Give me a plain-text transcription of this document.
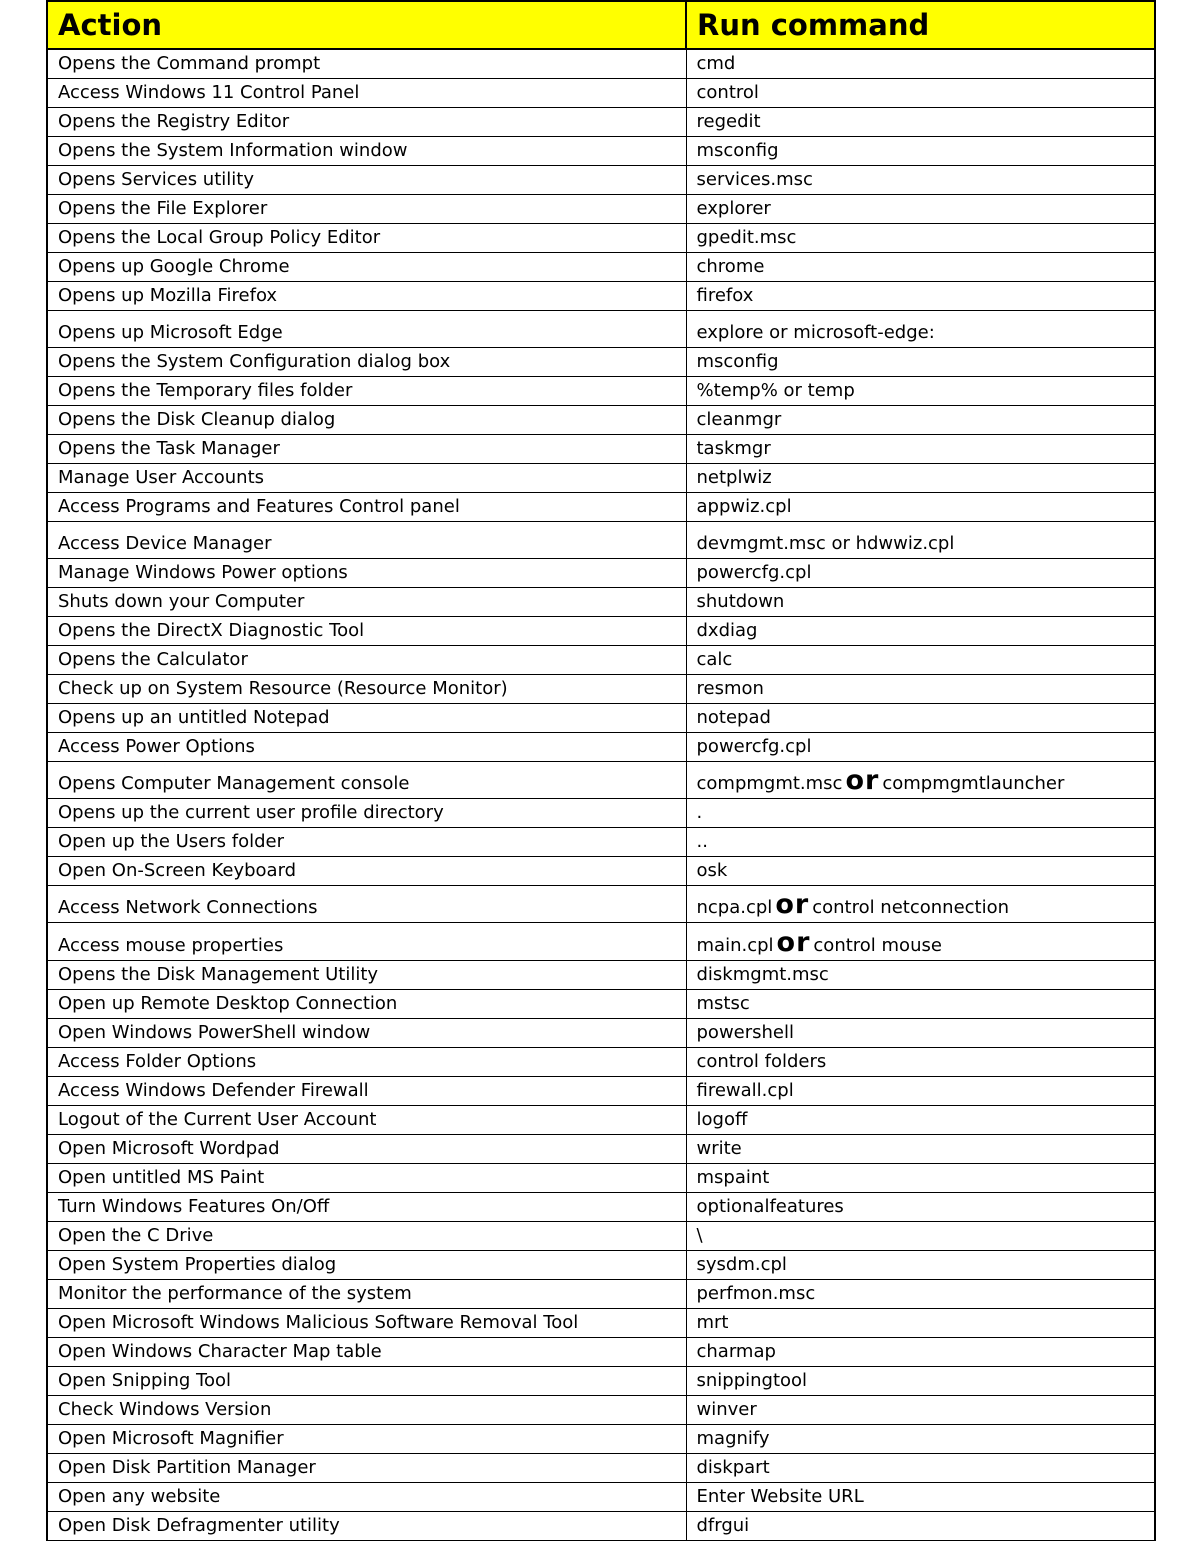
Action	Run command
Opens the Command prompt	cmd
Access Windows 11 Control Panel	control
Opens the Registry Editor	regedit
Opens the System Information window	msconfig
Opens Services utility	services.msc
Opens the File Explorer	explorer
Opens the Local Group Policy Editor	gpedit.msc
Opens up Google Chrome	chrome
Opens up Mozilla Firefox	firefox
Opens up Microsoft Edge	explore or microsoft-edge:
Opens the System Configuration dialog box	msconfig
Opens the Temporary files folder	%temp% or temp
Opens the Disk Cleanup dialog	cleanmgr
Opens the Task Manager	taskmgr
Manage User Accounts	netplwiz
Access Programs and Features Control panel	appwiz.cpl
Access Device Manager	devmgmt.msc or hdwwiz.cpl
Manage Windows Power options	powercfg.cpl
Shuts down your Computer	shutdown
Opens the DirectX Diagnostic Tool	dxdiag
Opens the Calculator	calc
Check up on System Resource (Resource Monitor)	resmon
Opens up an untitled Notepad	notepad
Access Power Options	powercfg.cpl
Opens Computer Management console	compmgmt.msc or compmgmtlauncher
Opens up the current user profile directory	.
Open up the Users folder	..
Open On-Screen Keyboard	osk
Access Network Connections	ncpa.cpl or control netconnection
Access mouse properties	main.cpl or control mouse
Opens the Disk Management Utility	diskmgmt.msc
Open up Remote Desktop Connection	mstsc
Open Windows PowerShell window	powershell
Access Folder Options	control folders
Access Windows Defender Firewall	firewall.cpl
Logout of the Current User Account	logoff
Open Microsoft Wordpad	write
Open untitled MS Paint	mspaint
Turn Windows Features On/Off	optionalfeatures
Open the C Drive	\
Open System Properties dialog	sysdm.cpl
Monitor the performance of the system	perfmon.msc
Open Microsoft Windows Malicious Software Removal Tool	mrt
Open Windows Character Map table	charmap
Open Snipping Tool	snippingtool
Check Windows Version	winver
Open Microsoft Magnifier	magnify
Open Disk Partition Manager	diskpart
Open any website	Enter Website URL
Open Disk Defragmenter utility	dfrgui
